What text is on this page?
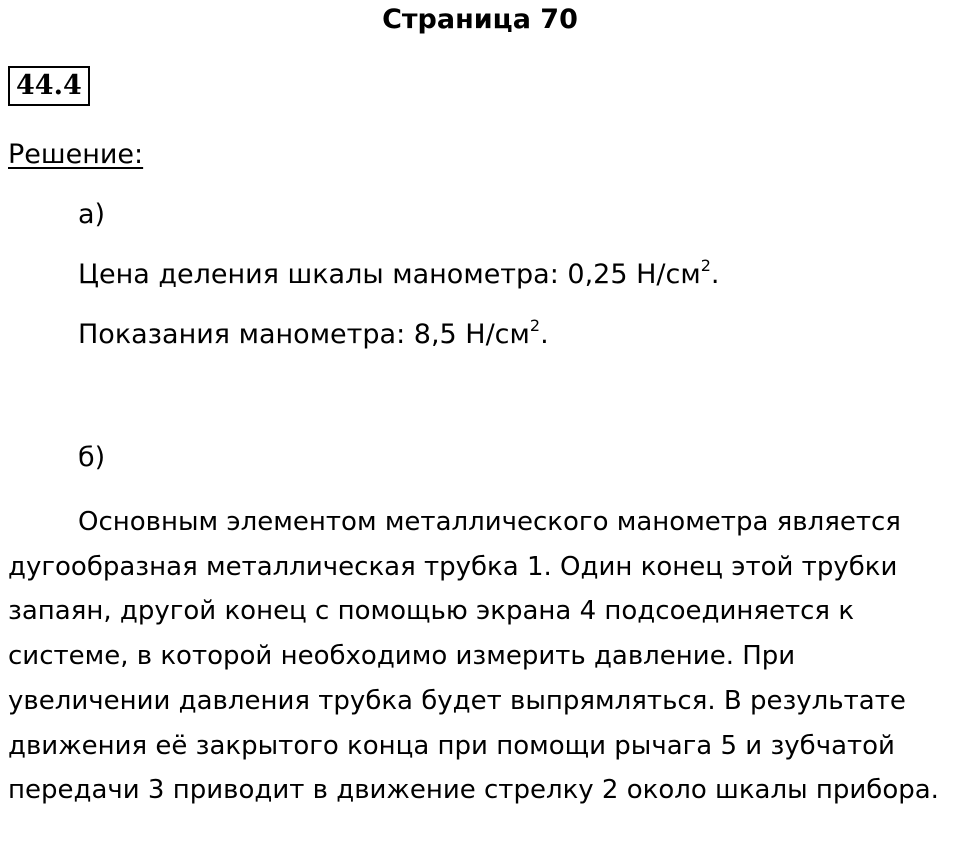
Страница 70
44.4
Решение:
а)
Цена деления шкалы манометра: 0,25 $Н/см^2$.
Показания манометра: 8,5 $Н/см^2$.
б)

Основным элементом металлического манометра является дугообразная металлическая трубка 1. Один конец этой трубки запаян, другой конец с помощью экрана 4 подсоединяется к системе, в которой необходимо измерить давление. При увеличении давления трубка будет выпрямляться. В результате движения её закрытого конца при помощи рычага 5 и зубчатой передачи 3 приводит в движение стрелку 2 около шкалы прибора.
